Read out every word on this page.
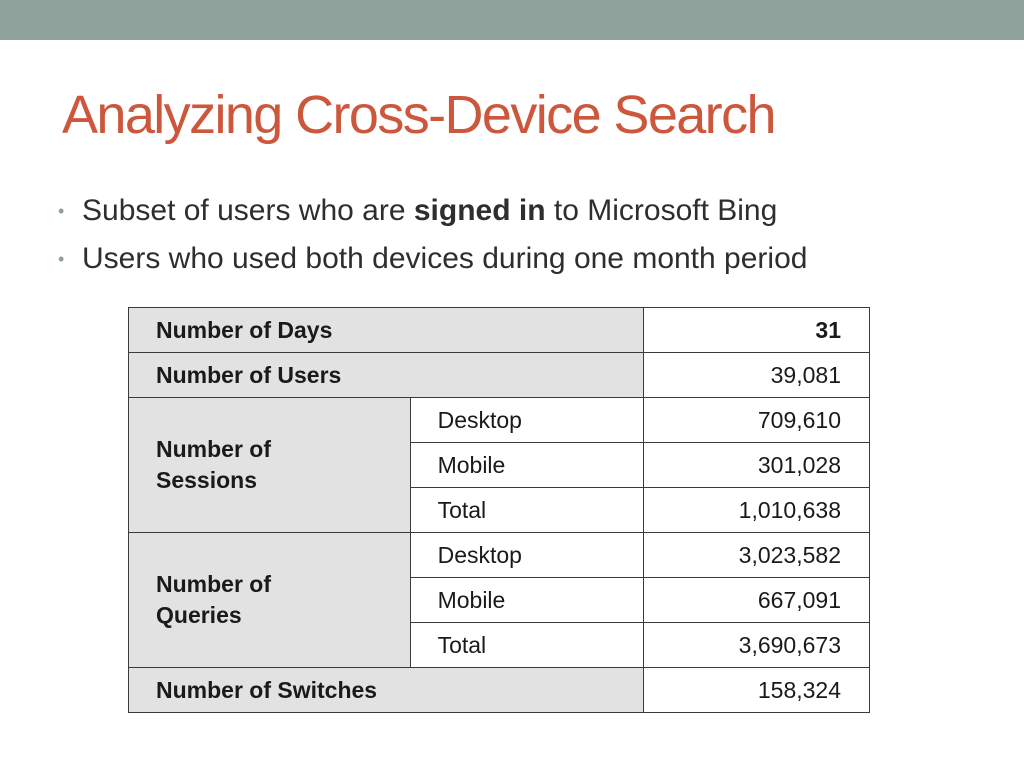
Analyzing Cross-Device Search
• Subset of users who are signed in to Microsoft Bing
• Users who used both devices during one month period
Number of Days		31
Number of Users		39,081
Number of
Sessions	Desktop	709,610
	Mobile	301,028
	Total	1,010,638
Number of
Queries	Desktop	3,023,582
	Mobile	667,091
	Total	3,690,673
Number of Switches		158,324
